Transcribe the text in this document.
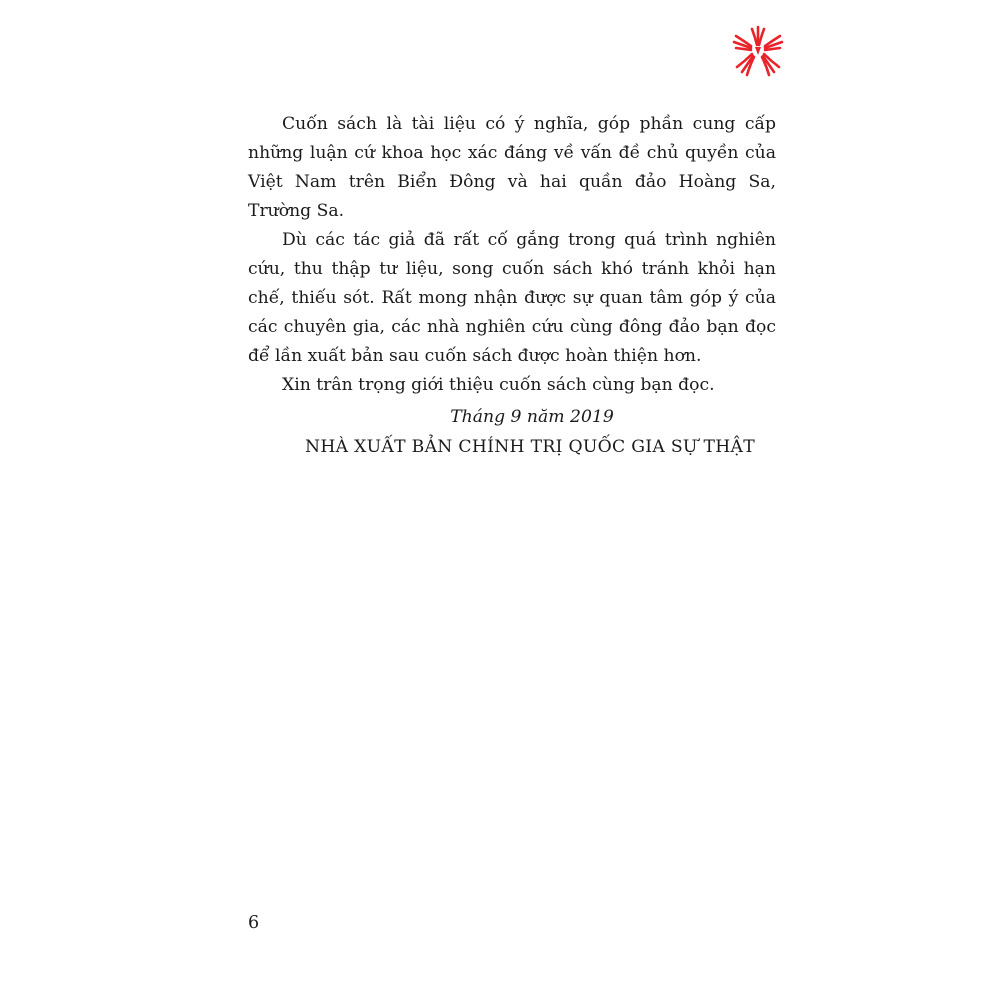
Cuốn sách là tài liệu có ý nghĩa, góp phần cung cấp những luận cứ khoa học xác đáng về vấn đề chủ quyền của Việt Nam trên Biển Đông và hai quần đảo Hoàng Sa, Trường Sa.

Dù các tác giả đã rất cố gắng trong quá trình nghiên cứu, thu thập tư liệu, song cuốn sách khó tránh khỏi hạn chế, thiếu sót. Rất mong nhận được sự quan tâm góp ý của các chuyên gia, các nhà nghiên cứu cùng đông đảo bạn đọc để lần xuất bản sau cuốn sách được hoàn thiện hơn.

Xin trân trọng giới thiệu cuốn sách cùng bạn đọc.

Tháng 9 năm 2019
NHÀ XUẤT BẢN CHÍNH TRỊ QUỐC GIA SỰ THẬT
6
